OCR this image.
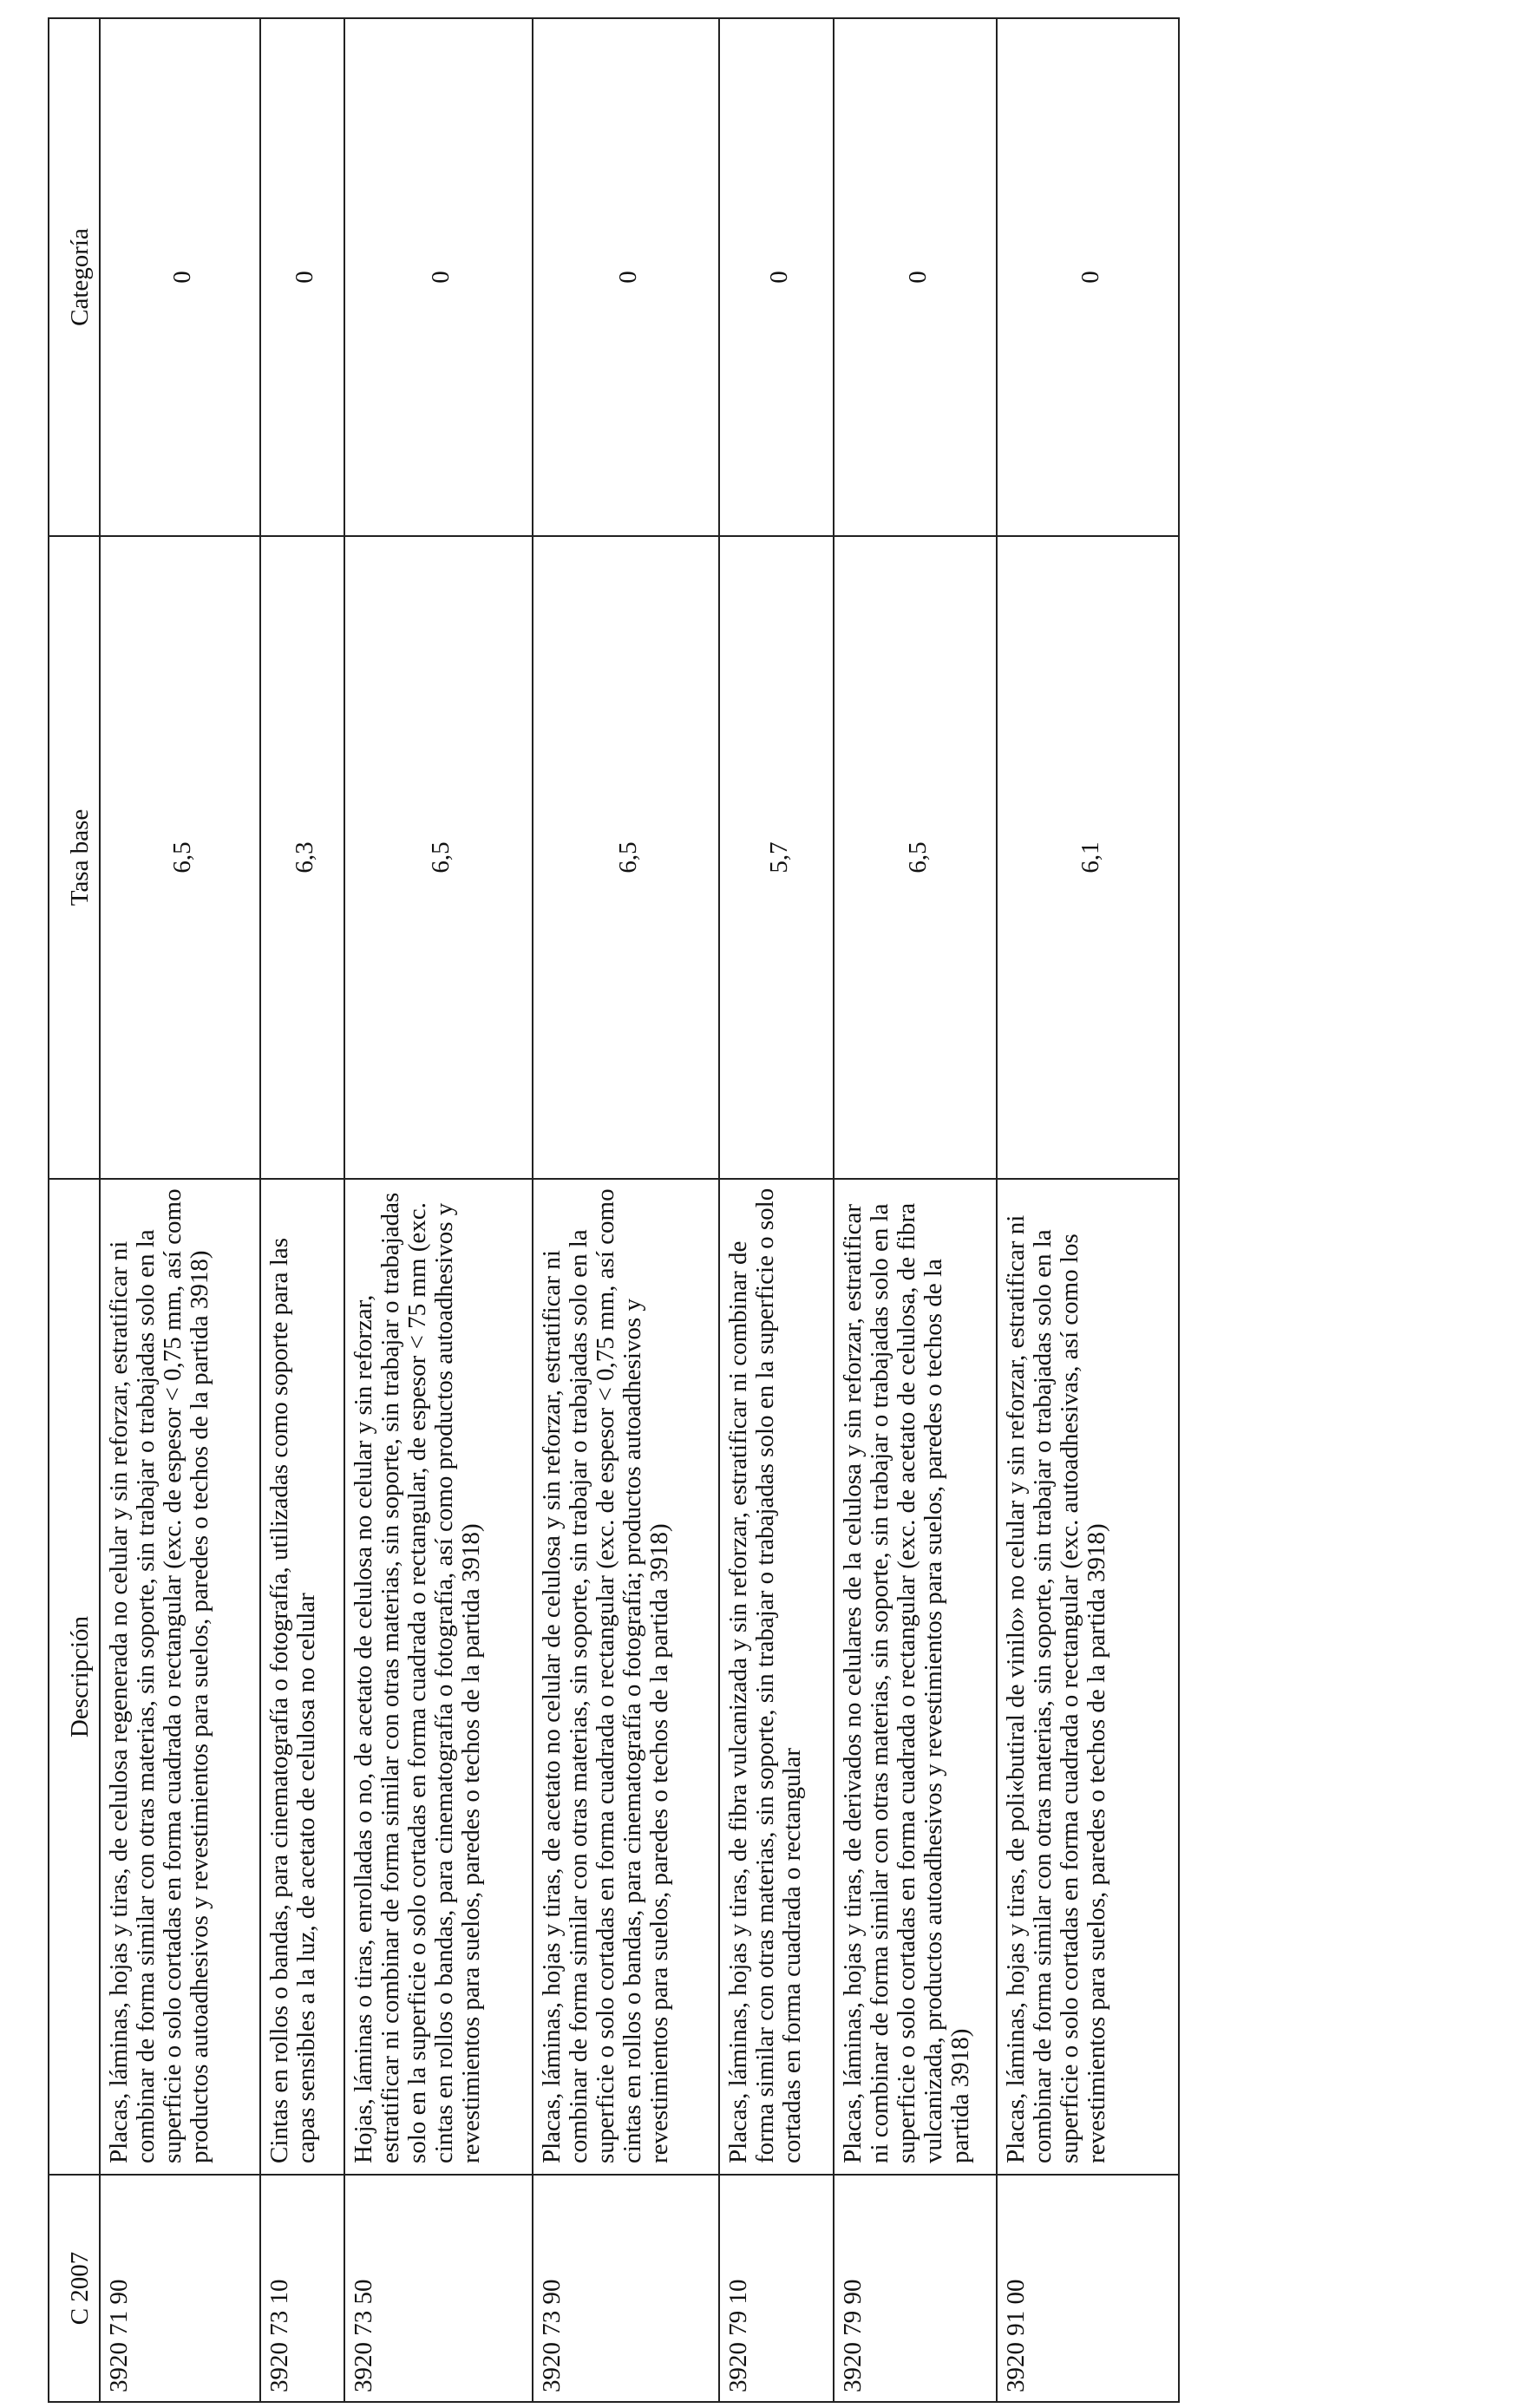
C 2007	Descripción	Tasa base	Categoría
3920 71 90	Placas, láminas, hojas y tiras, de celulosa regenerada no celular y sin reforzar, estratificar ni combinar de forma similar con otras materias, sin soporte, sin trabajar o trabajadas solo en la superficie o solo cortadas en forma cuadrada o rectangular (exc. de espesor < 0,75 mm, así como productos autoadhesivos y revestimientos para suelos, paredes o techos de la partida 3918)	6,5	0
3920 73 10	Cintas en rollos o bandas, para cinematografía o fotografía, utilizadas como soporte para las capas sensibles a la luz, de acetato de celulosa no celular	6,3	0
3920 73 50	Hojas, láminas o tiras, enrolladas o no, de acetato de celulosa no celular y sin reforzar, estratificar ni combinar de forma similar con otras materias, sin soporte, sin trabajar o trabajadas solo en la superficie o solo cortadas en forma cuadrada o rectangular, de espesor < 75 mm (exc. cintas en rollos o bandas, para cinematografía o fotografía, así como productos autoadhesivos y revestimientos para suelos, paredes o techos de la partida 3918)	6,5	0
3920 73 90	Placas, láminas, hojas y tiras, de acetato no celular de celulosa y sin reforzar, estratificar ni combinar de forma similar con otras materias, sin soporte, sin trabajar o trabajadas solo en la superficie o solo cortadas en forma cuadrada o rectangular (exc. de espesor < 0,75 mm, así como cintas en rollos o bandas, para cinematografía o fotografía; productos autoadhesivos y revestimientos para suelos, paredes o techos de la partida 3918)	6,5	0
3920 79 10	Placas, láminas, hojas y tiras, de fibra vulcanizada y sin reforzar, estratificar ni combinar de forma similar con otras materias, sin soporte, sin trabajar o trabajadas solo en la superficie o solo cortadas en forma cuadrada o rectangular	5,7	0
3920 79 90	Placas, láminas, hojas y tiras, de derivados no celulares de la celulosa y sin reforzar, estratificar ni combinar de forma similar con otras materias, sin soporte, sin trabajar o trabajadas solo en la superficie o solo cortadas en forma cuadrada o rectangular (exc. de acetato de celulosa, de fibra vulcanizada, productos autoadhesivos y revestimientos para suelos, paredes o techos de la partida 3918)	6,5	0
3920 91 00	Placas, láminas, hojas y tiras, de poli«butiral de vinilo» no celular y sin reforzar, estratificar ni combinar de forma similar con otras materias, sin soporte, sin trabajar o trabajadas solo en la superficie o solo cortadas en forma cuadrada o rectangular (exc. autoadhesivas, así como los revestimientos para suelos, paredes o techos de la partida 3918)	6,1	0
